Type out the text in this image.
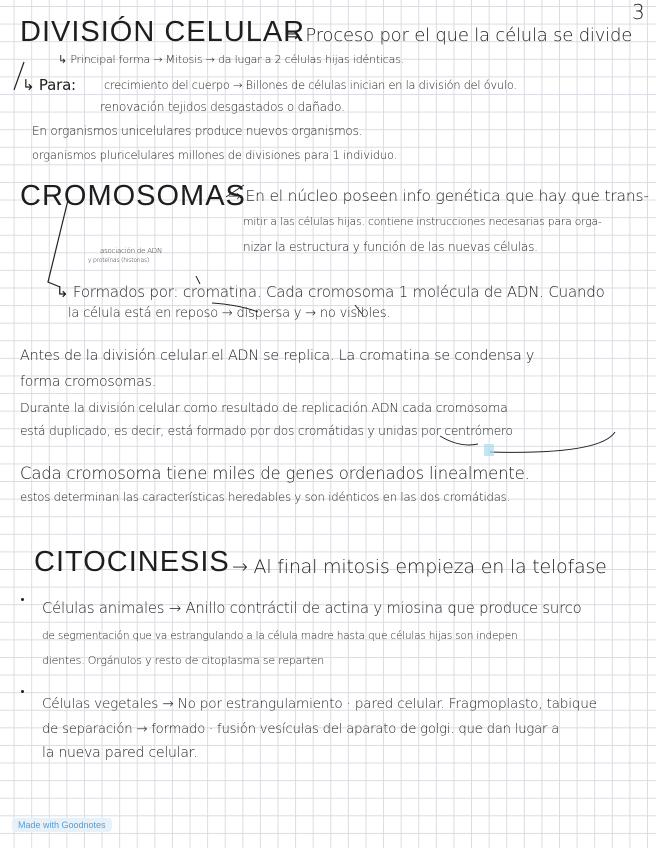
3
DIVISIÓN CELULAR
⇒ Proceso por el que la célula se divide
↳ Principal forma → Mitosis → da lugar a 2 células hijas idénticas.
↳ Para: crecimiento del cuerpo → Billones de células inician en la división del óvulo.
renovación tejidos desgastados o dañado.
En organismos unicelulares produce nuevos organismos.
organismos pluricelulares millones de divisiones para 1 individuo.
CROMOSOMAS
→ En el núcleo poseen info genética que hay que trans-
mitir a las células hijas. contiene instrucciones necesarias para orga-
nizar la estructura y función de las nuevas células.
asociación de ADN
y proteínas (histonas)
↳ Formados por: cromatina. Cada cromosoma 1 molécula de ADN. Cuando
la célula está en reposo → dispersa y → no visibles.
Antes de la división celular el ADN se replica. La cromatina se condensa y
forma cromosomas.
Durante la división celular como resultado de replicación ADN cada cromosoma
está duplicado, es decir, está formado por dos cromátidas y unidas por centrómero
Cada cromosoma tiene miles de genes ordenados linealmente.
estos determinan las características heredables y son idénticos en las dos cromátidas.
CITOCINESIS → Al final mitosis empieza en la telofase
Células animales → Anillo contráctil de actina y miosina que produce surco
de segmentación que va estrangulando a la célula madre hasta que células hijas son indepen
dientes. Orgánulos y resto de citoplasma se reparten
Células vegetales → No por estrangulamiento · pared celular. Fragmoplasto, tabique
de separación → formado · fusión vesículas del aparato de golgi. que dan lugar a
la nueva pared celular.
Made with Goodnotes
